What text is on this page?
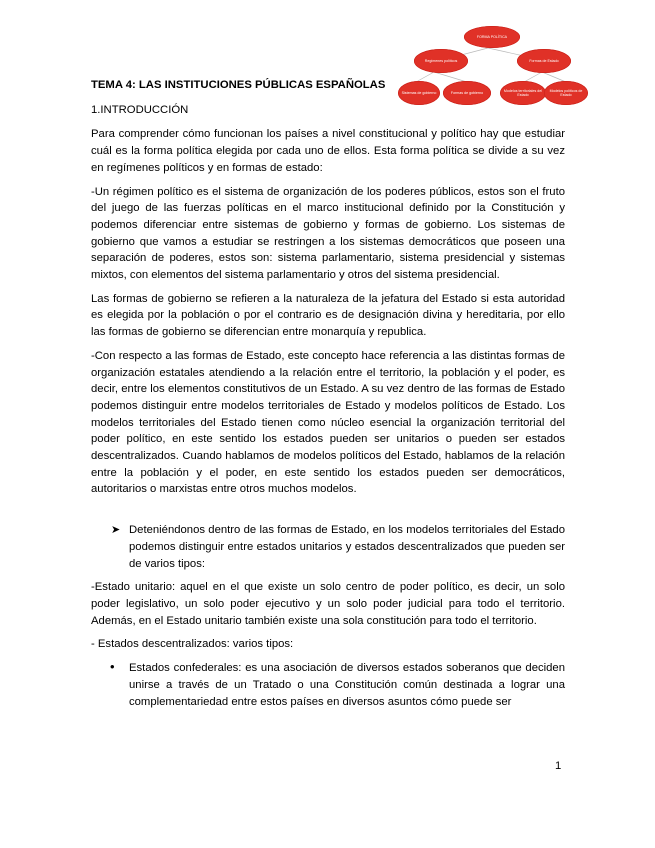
FORMA POLÍTICA
Regímenes políticos	Formas de Estado
Sistemas de gobierno	Formas de gobierno
Modelos territoriales del Estado
Modelos políticos de Estado
TEMA 4: LAS INSTITUCIONES PÚBLICAS ESPAÑOLAS
1.INTRODUCCIÓN

Para comprender cómo funcionan los países a nivel constitucional y político hay que estudiar cuál es la forma política elegida por cada uno de ellos. Esta forma política se divide a su vez en regímenes políticos y en formas de estado:

-Un régimen político es el sistema de organización de los poderes públicos, estos son el fruto del juego de las fuerzas políticas en el marco institucional definido por la Constitución y podemos diferenciar entre sistemas de gobierno y formas de gobierno. Los sistemas de gobierno que vamos a estudiar se restringen a los sistemas democráticos que poseen una separación de poderes, estos son: sistema parlamentario, sistema presidencial y sistemas mixtos, con elementos del sistema parlamentario y otros del sistema presidencial.

Las formas de gobierno se refieren a la naturaleza de la jefatura del Estado si esta autoridad es elegida por la población o por el contrario es de designación divina y hereditaria, por ello las formas de gobierno se diferencian entre monarquía y republica.

-Con respecto a las formas de Estado, este concepto hace referencia a las distintas formas de organización estatales atendiendo a la relación entre el territorio, la población y el poder, es decir, entre los elementos constitutivos de un Estado. A su vez dentro de las formas de Estado podemos distinguir entre modelos territoriales de Estado y modelos políticos de Estado. Los modelos territoriales del Estado tienen como núcleo esencial la organización territorial del poder político, en este sentido los estados pueden ser unitarios o pueden ser estados descentralizados. Cuando hablamos de modelos políticos del Estado, hablamos de la relación entre la población y el poder, en este sentido los estados pueden ser democráticos, autoritarios o marxistas entre otros muchos modelos.

➤ Deteniéndonos dentro de las formas de Estado, en los modelos territoriales del Estado podemos distinguir entre estados unitarios y estados descentralizados que pueden ser de varios tipos:

-Estado unitario: aquel en el que existe un solo centro de poder político, es decir, un solo poder legislativo, un solo poder ejecutivo y un solo poder judicial para todo el territorio. Además, en el Estado unitario también existe una sola constitución para todo el territorio.

- Estados descentralizados: varios tipos:

• Estados confederales: es una asociación de diversos estados soberanos que deciden unirse a través de un Tratado o una Constitución común destinada a lograr una complementariedad entre estos países en diversos asuntos cómo puede ser
1
